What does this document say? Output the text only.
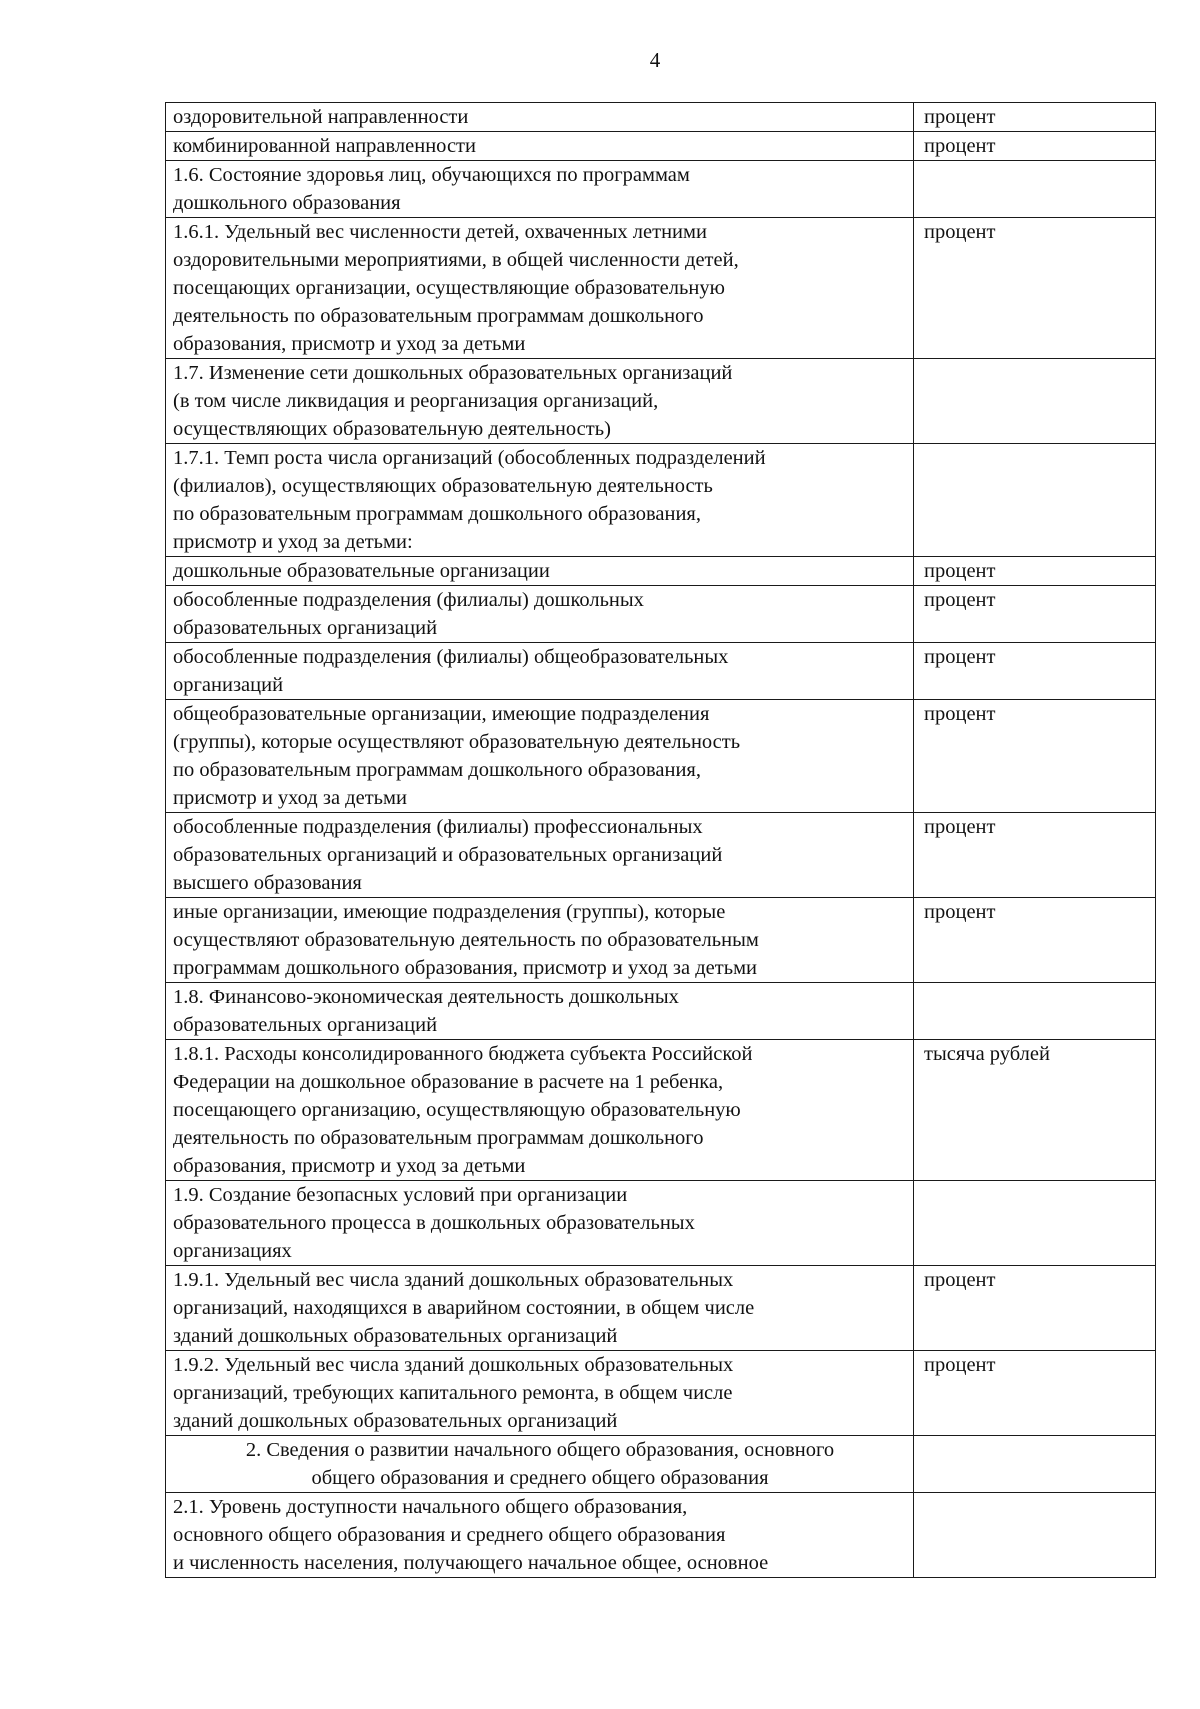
4
оздоровительной направленности	процент

комбинированной направленности	процент

1.6. Состояние здоровья лиц, обучающихся по программам
дошкольного образования	

1.6.1. Удельный вес численности детей, охваченных летними
оздоровительными мероприятиями, в общей численности детей,
посещающих организации, осуществляющие образовательную
деятельность по образовательным программам дошкольного
образования, присмотр и уход за детьми	процент

1.7. Изменение сети дошкольных образовательных организаций
(в том числе ликвидация и реорганизация организаций,
осуществляющих образовательную деятельность)	

1.7.1. Темп роста числа организаций (обособленных подразделений
(филиалов), осуществляющих образовательную деятельность
по образовательным программам дошкольного образования,
присмотр и уход за детьми:	

дошкольные образовательные организации	процент

обособленные подразделения (филиалы) дошкольных
образовательных организаций	процент

обособленные подразделения (филиалы) общеобразовательных
организаций	процент

общеобразовательные организации, имеющие подразделения
(группы), которые осуществляют образовательную деятельность
по образовательным программам дошкольного образования,
присмотр и уход за детьми	процент

обособленные подразделения (филиалы) профессиональных
образовательных организаций и образовательных организаций
высшего образования	процент

иные организации, имеющие подразделения (группы), которые
осуществляют образовательную деятельность по образовательным
программам дошкольного образования, присмотр и уход за детьми	процент

1.8. Финансово-экономическая деятельность дошкольных
образовательных организаций	

1.8.1. Расходы консолидированного бюджета субъекта Российской
Федерации на дошкольное образование в расчете на 1 ребенка,
посещающего организацию, осуществляющую образовательную
деятельность по образовательным программам дошкольного
образования, присмотр и уход за детьми	тысяча рублей

1.9. Создание безопасных условий при организации
образовательного процесса в дошкольных образовательных
организациях	

1.9.1. Удельный вес числа зданий дошкольных образовательных
организаций, находящихся в аварийном состоянии, в общем числе
зданий дошкольных образовательных организаций	процент

1.9.2. Удельный вес числа зданий дошкольных образовательных
организаций, требующих капитального ремонта, в общем числе
зданий дошкольных образовательных организаций	процент

2. Сведения о развитии начального общего образования, основного
общего образования и среднего общего образования	

2.1. Уровень доступности начального общего образования,
основного общего образования и среднего общего образования
и численность населения, получающего начальное общее, основное	
